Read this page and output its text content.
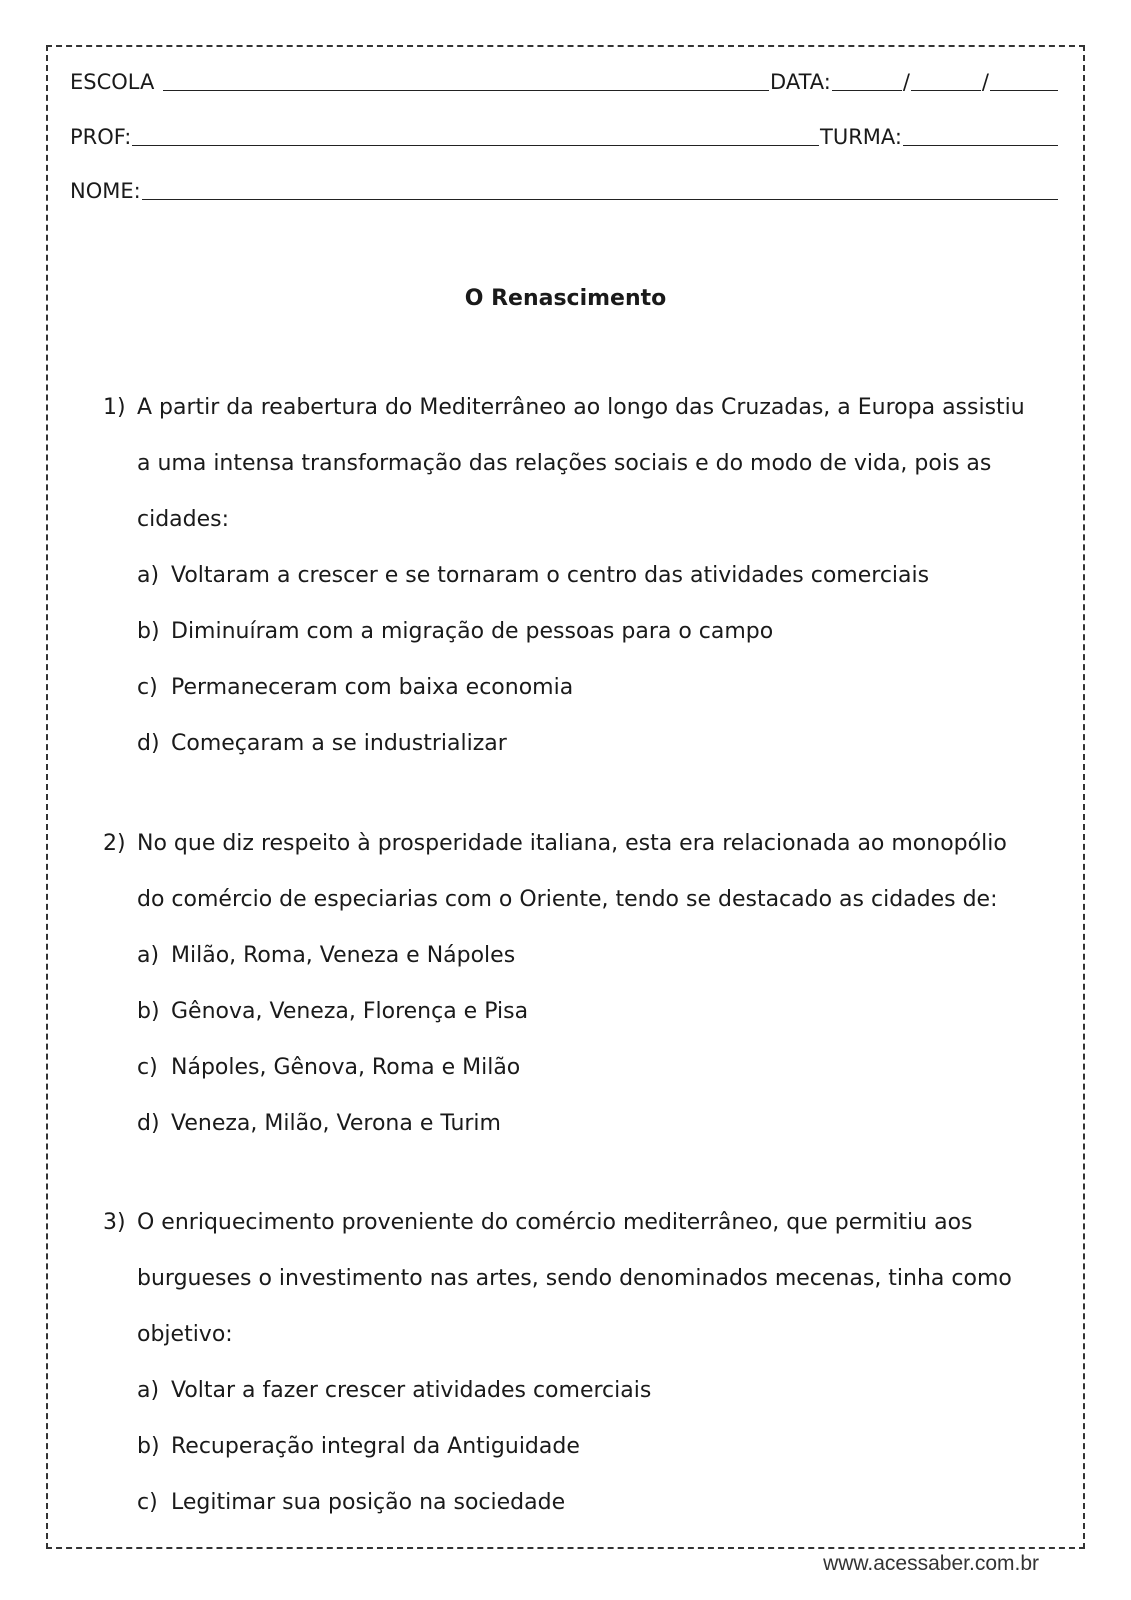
ESCOLA	DATA:	/	/
PROF:	TURMA:
NOME:
O Renascimento
1) A partir da reabertura do Mediterrâneo ao longo das Cruzadas, a Europa assistiu
a uma intensa transformação das relações sociais e do modo de vida, pois as
cidades:
a) Voltaram a crescer e se tornaram o centro das atividades comerciais
b) Diminuíram com a migração de pessoas para o campo
c) Permaneceram com baixa economia
d) Começaram a se industrializar
2) No que diz respeito à prosperidade italiana, esta era relacionada ao monopólio
do comércio de especiarias com o Oriente, tendo se destacado as cidades de:
a) Milão, Roma, Veneza e Nápoles
b) Gênova, Veneza, Florença e Pisa
c) Nápoles, Gênova, Roma e Milão
d) Veneza, Milão, Verona e Turim
3) O enriquecimento proveniente do comércio mediterrâneo, que permitiu aos
burgueses o investimento nas artes, sendo denominados mecenas, tinha como
objetivo:
a) Voltar a fazer crescer atividades comerciais
b) Recuperação integral da Antiguidade
c) Legitimar sua posição na sociedade
www.acessaber.com.br
